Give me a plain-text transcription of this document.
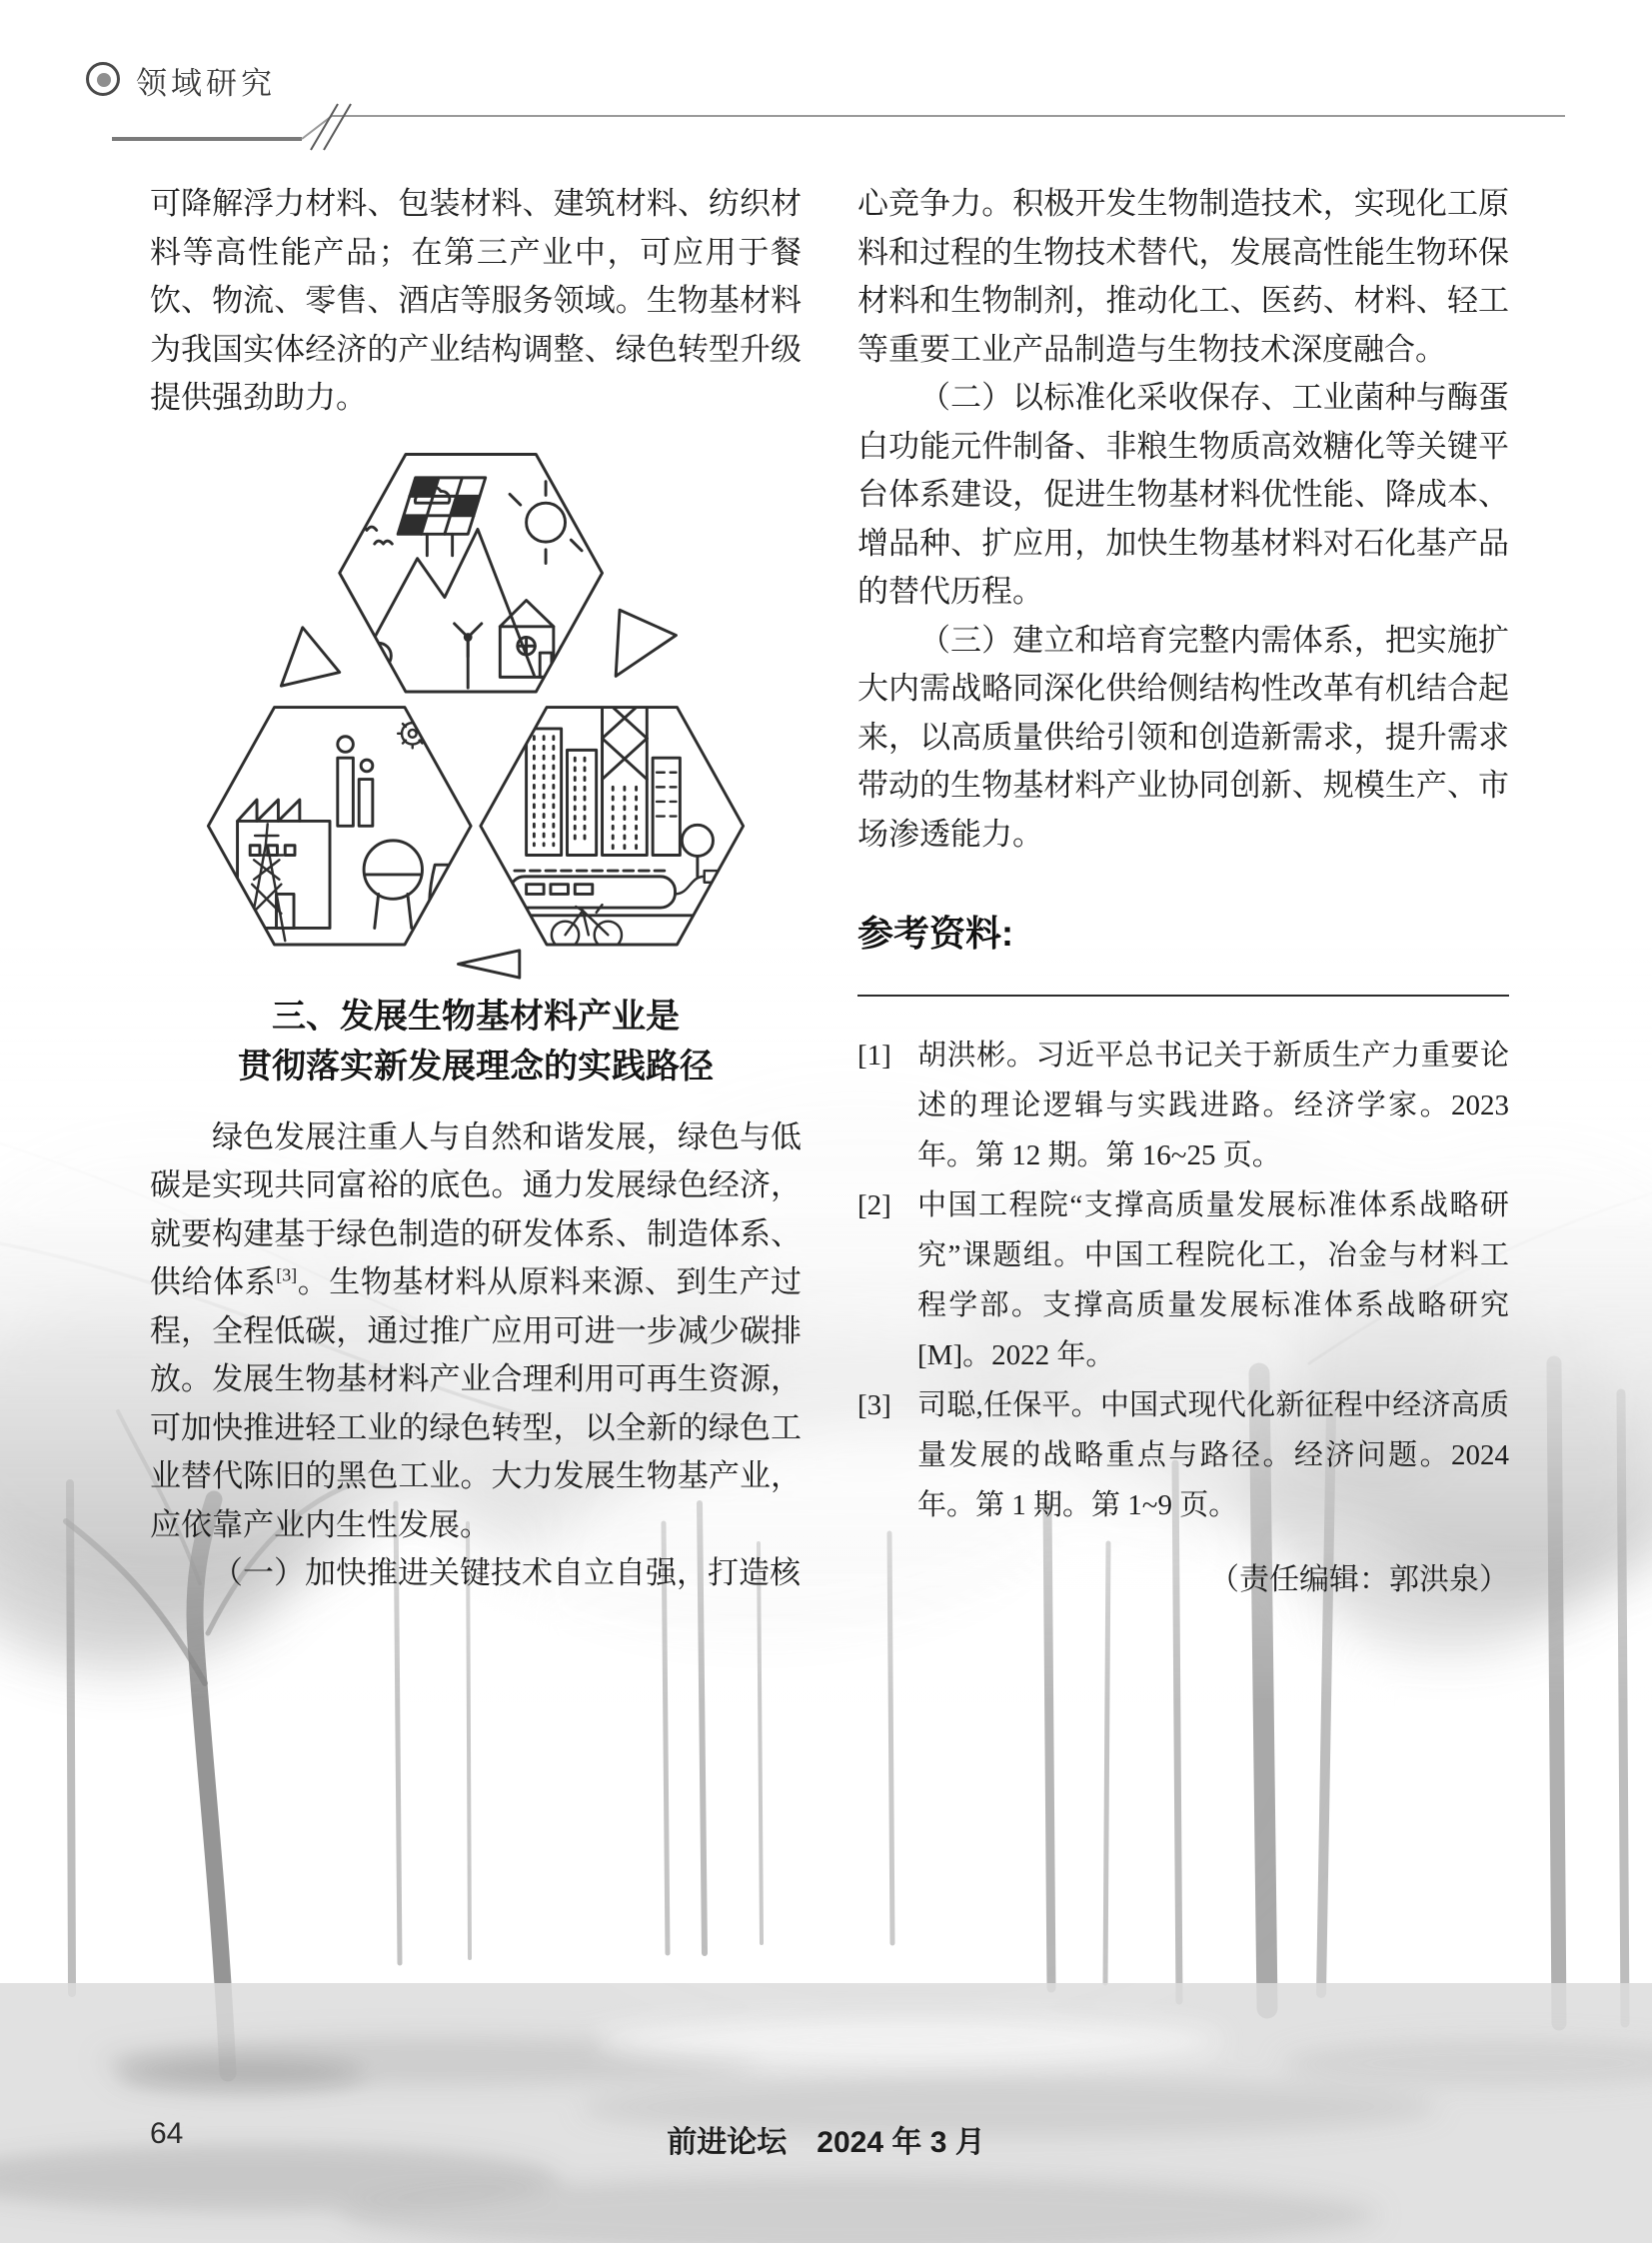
领域研究

可降解浮力材料、包装材料、建筑材料、纺织材料等高性能产品；在第三产业中，可应用于餐饮、物流、零售、酒店等服务领域。生物基材料为我国实体经济的产业结构调整、绿色转型升级提供强劲助力。

三、发展生物基材料产业是
贯彻落实新发展理念的实践路径

绿色发展注重人与自然和谐发展，绿色与低碳是实现共同富裕的底色。通力发展绿色经济，就要构建基于绿色制造的研发体系、制造体系、供给体系[3]。生物基材料从原料来源、到生产过程，全程低碳，通过推广应用可进一步减少碳排放。发展生物基材料产业合理利用可再生资源，可加快推进轻工业的绿色转型，以全新的绿色工业替代陈旧的黑色工业。大力发展生物基产业，应依靠产业内生性发展。

（一）加快推进关键技术自立自强，打造核

心竞争力。积极开发生物制造技术，实现化工原料和过程的生物技术替代，发展高性能生物环保材料和生物制剂，推动化工、医药、材料、轻工等重要工业产品制造与生物技术深度融合。

（二）以标准化采收保存、工业菌种与酶蛋白功能元件制备、非粮生物质高效糖化等关键平台体系建设，促进生物基材料优性能、降成本、增品种、扩应用，加快生物基材料对石化基产品的替代历程。

（三）建立和培育完整内需体系，把实施扩大内需战略同深化供给侧结构性改革有机结合起来，以高质量供给引领和创造新需求，提升需求带动的生物基材料产业协同创新、规模生产、市场渗透能力。

参考资料:
[1] 胡洪彬。习近平总书记关于新质生产力重要论述的理论逻辑与实践进路。经济学家。2023 年。第 12 期。第 16~25 页。
[2] 中国工程院“支撑高质量发展标准体系战略研究”课题组。中国工程院化工，冶金与材料工程学部。支撑高质量发展标准体系战略研究[M]。2022 年。
[3] 司聪,任保平。中国式现代化新征程中经济高质量发展的战略重点与路径。经济问题。2024 年。第 1 期。第 1~9 页。
（责任编辑：郭洪泉）
64	前进论坛　2024 年 3 月
